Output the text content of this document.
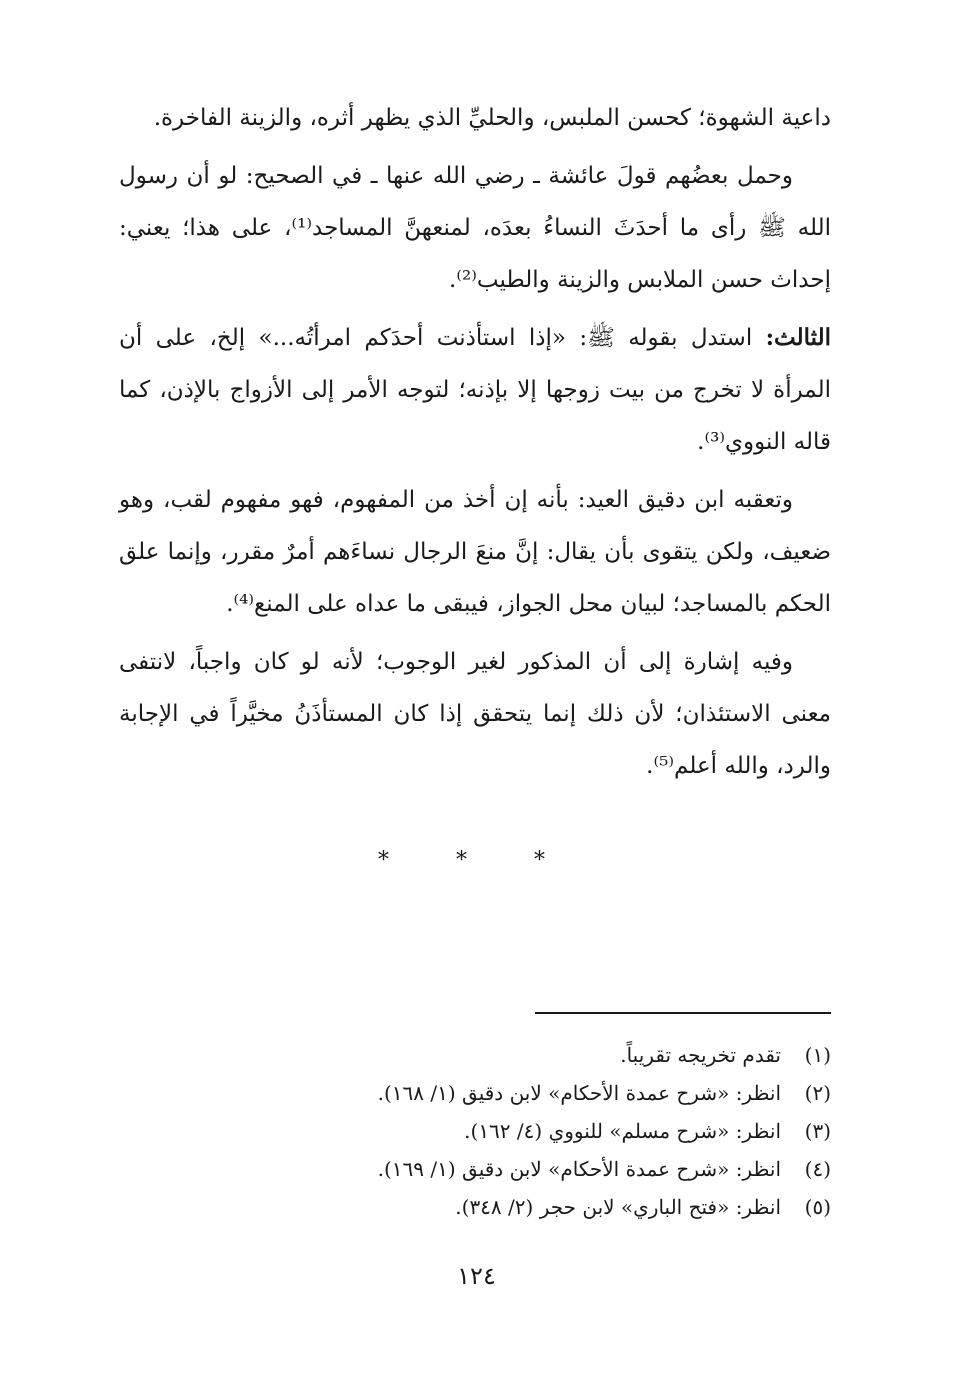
داعية الشهوة؛ كحسن الملبس، والحليِّ الذي يظهر أثره، والزينة الفاخرة.

وحمل بعضُهم قولَ عائشة ـ رضي الله عنها ـ في الصحيح: لو أن رسول الله ﷺ رأى ما أحدَثَ النساءُ بعدَه، لمنعهنَّ المساجد⁽¹⁾، على هذا؛ يعني: إحداث حسن الملابس والزينة والطيب⁽²⁾.

الثالث: استدل بقوله ﷺ: «إذا استأذنت أحدَكم امرأتُه...» إلخ، على أن المرأة لا تخرج من بيت زوجها إلا بإذنه؛ لتوجه الأمر إلى الأزواج بالإذن، كما قاله النووي⁽³⁾.

وتعقبه ابن دقيق العيد: بأنه إن أخذ من المفهوم، فهو مفهوم لقب، وهو ضعيف، ولكن يتقوى بأن يقال: إنَّ منعَ الرجال نساءَهم أمرٌ مقرر، وإنما علق الحكم بالمساجد؛ لبيان محل الجواز، فيبقى ما عداه على المنع⁽⁴⁾.

وفيه إشارة إلى أن المذكور لغير الوجوب؛ لأنه لو كان واجباً، لانتفى معنى الاستئذان؛ لأن ذلك إنما يتحقق إذا كان المستأذَنُ مخيَّراً في الإجابة والرد، والله أعلم⁽⁵⁾.

* * *
(١)
تقدم تخريجه تقريباً.
(٢)
انظر: «شرح عمدة الأحكام» لابن دقيق (١/ ١٦٨).
(٣)
انظر: «شرح مسلم» للنووي (٤/ ١٦٢).
(٤)
انظر: «شرح عمدة الأحكام» لابن دقيق (١/ ١٦٩).
(٥)
انظر: «فتح الباري» لابن حجر (٢/ ٣٤٨).
١٢٤
